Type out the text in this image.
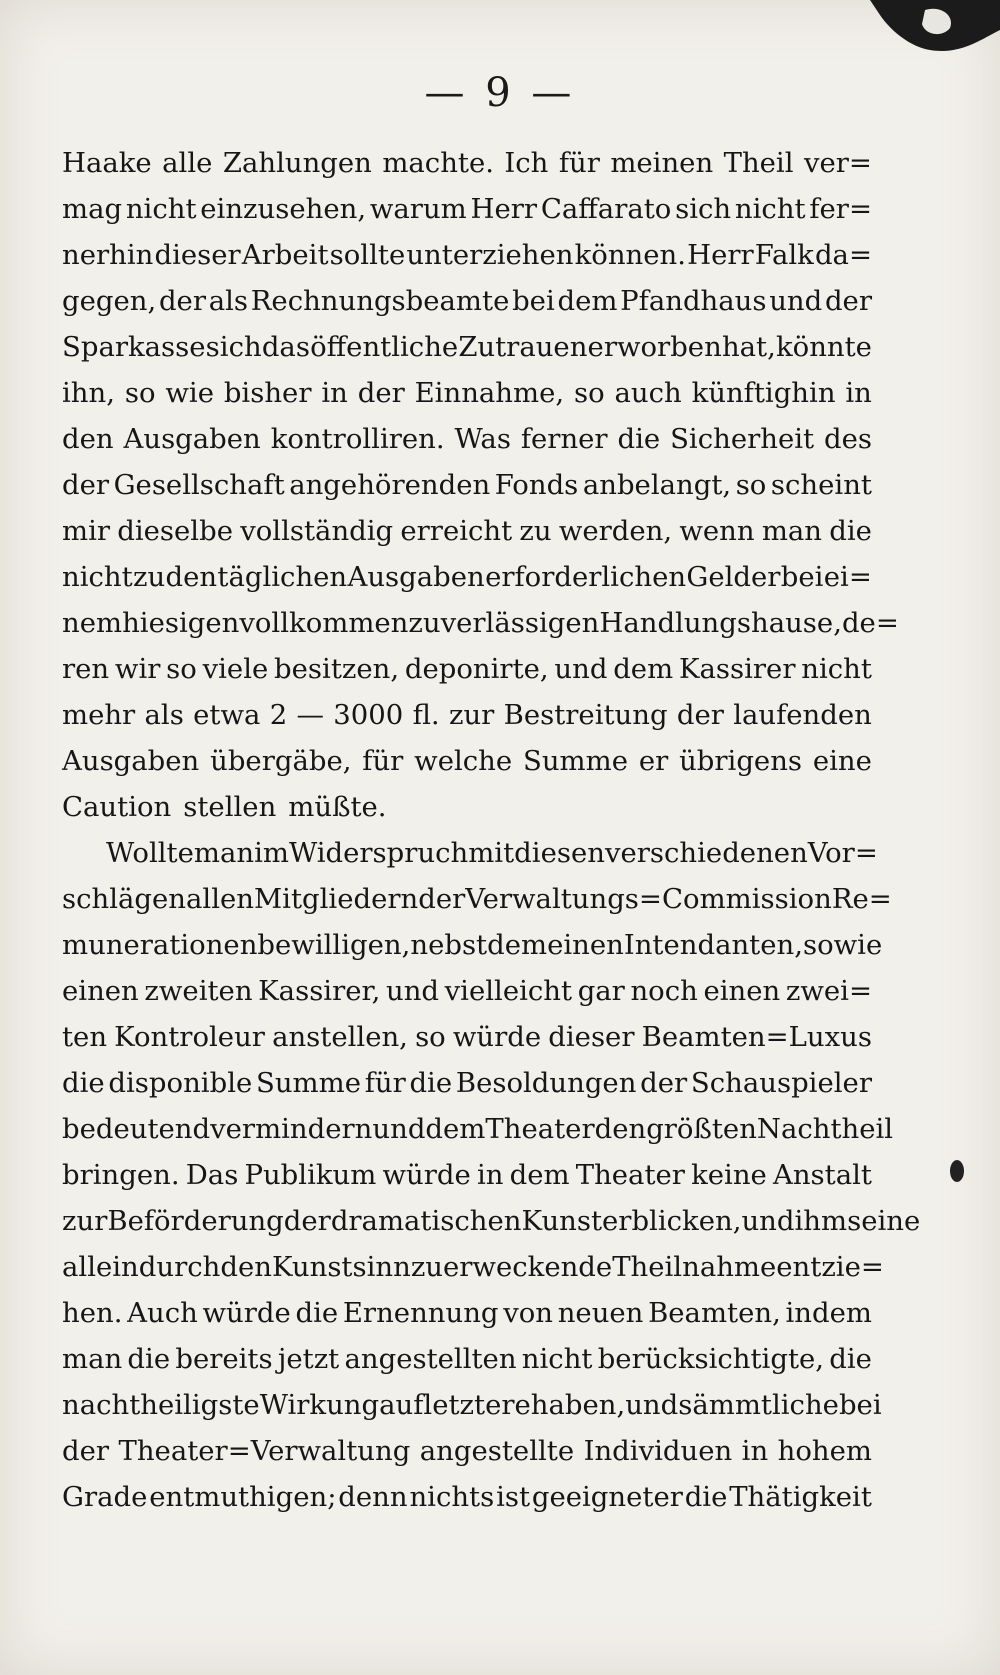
— 9 —
Haake alle Zahlungen machte. Ich für meinen Theil ver=
mag nicht einzusehen, warum Herr Caffarato sich nicht fer=
nerhin dieser Arbeit sollte unterziehen können. Herr Falk da=
gegen, der als Rechnungsbeamte bei dem Pfandhaus und der
Sparkasse sich das öffentliche Zutrauen erworben hat, könnte
ihn, so wie bisher in der Einnahme, so auch künftighin in
den Ausgaben kontrolliren. Was ferner die Sicherheit des
der Gesellschaft angehörenden Fonds anbelangt, so scheint
mir dieselbe vollständig erreicht zu werden, wenn man die
nicht zu den täglichen Ausgaben erforderlichen Gelder bei ei=
nem hiesigen vollkommen zuverlässigen Handlungshause, de=
ren wir so viele besitzen, deponirte, und dem Kassirer nicht
mehr als etwa 2 — 3000 fl. zur Bestreitung der laufenden
Ausgaben übergäbe, für welche Summe er übrigens eine
Caution stellen müßte.
Wollte man im Widerspruch mit diesen verschiedenen Vor=
schlägen allen Mitgliedern der Verwaltungs=Commission Re=
munerationen bewilligen, nebstdem einen Intendanten, so wie
einen zweiten Kassirer, und vielleicht gar noch einen zwei=
ten Kontroleur anstellen, so würde dieser Beamten=Luxus
die disponible Summe für die Besoldungen der Schauspieler
bedeutend vermindern und dem Theater den größten Nachtheil
bringen. Das Publikum würde in dem Theater keine Anstalt
zur Beförderung der dramatischen Kunst erblicken, und ihm seine
allein durch den Kunstsinn zu erweckende Theilnahme entzie=
hen. Auch würde die Ernennung von neuen Beamten, indem
man die bereits jetzt angestellten nicht berücksichtigte, die
nachtheiligste Wirkung auf letztere haben, und sämmtliche bei
der Theater=Verwaltung angestellte Individuen in hohem
Grade entmuthigen; denn nichts ist geeigneter die Thätigkeit
